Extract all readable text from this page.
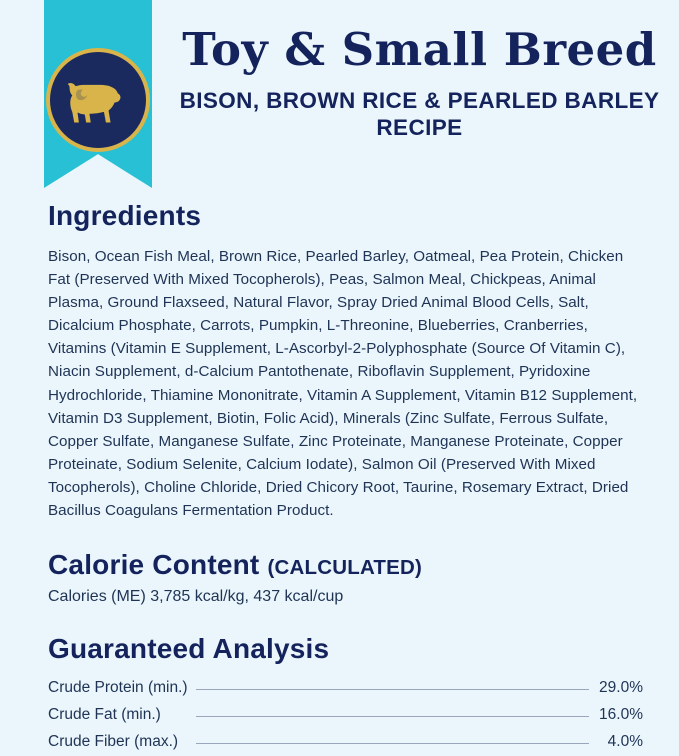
Toy & Small Breed
BISON, BROWN RICE & PEARLED BARLEY RECIPE
Ingredients
Bison, Ocean Fish Meal, Brown Rice, Pearled Barley, Oatmeal, Pea Protein, Chicken Fat (Preserved With Mixed Tocopherols), Peas, Salmon Meal, Chickpeas, Animal Plasma, Ground Flaxseed, Natural Flavor, Spray Dried Animal Blood Cells, Salt, Dicalcium Phosphate, Carrots, Pumpkin, L-Threonine, Blueberries, Cranberries, Vitamins (Vitamin E Supplement, L-Ascorbyl-2-Polyphosphate (Source Of Vitamin C), Niacin Supplement, d-Calcium Pantothenate, Riboflavin Supplement, Pyridoxine Hydrochloride, Thiamine Mononitrate, Vitamin A Supplement, Vitamin B12 Supplement, Vitamin D3 Supplement, Biotin, Folic Acid), Minerals (Zinc Sulfate, Ferrous Sulfate, Copper Sulfate, Manganese Sulfate, Zinc Proteinate, Manganese Proteinate, Copper Proteinate, Sodium Selenite, Calcium Iodate), Salmon Oil (Preserved With Mixed Tocopherols), Choline Chloride, Dried Chicory Root, Taurine, Rosemary Extract, Dried Bacillus Coagulans Fermentation Product.
Calorie Content (CALCULATED)
Calories (ME) 3,785 kcal/kg, 437 kcal/cup
Guaranteed Analysis
Crude Protein (min.)		29.0%
Crude Fat (min.)		16.0%
Crude Fiber (max.)		4.0%
